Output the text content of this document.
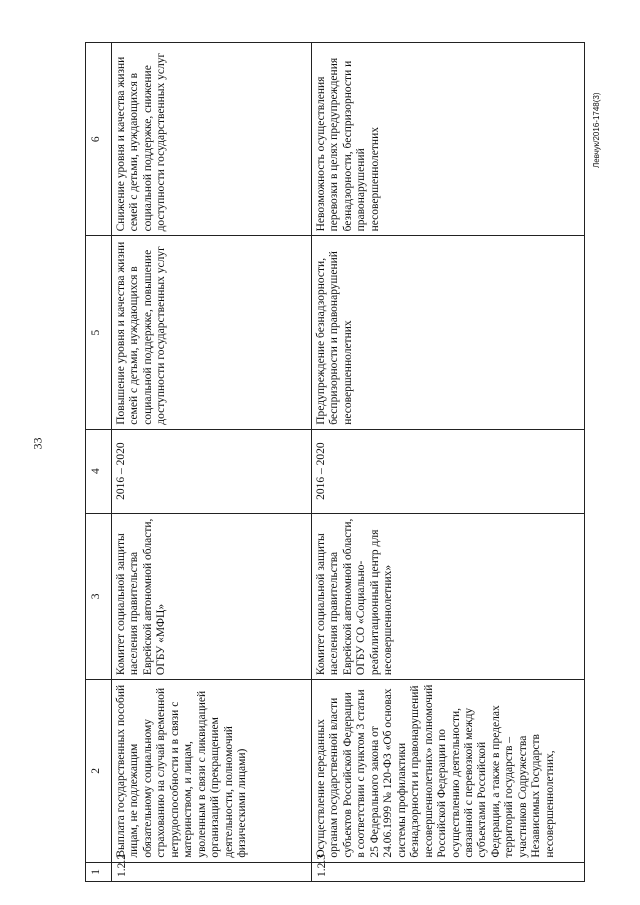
33
Левчук/2016-1748(3)
1	2	3	4	5	6
1.2.2	Выплата государственных пособий лицам, не подлежащим обязательному социальному страхованию на случай временной нетрудоспособности и в связи с материнством, и лицам, уволенным в связи с ликвидацией организаций (прекращением деятельности, полномочий физическими лицами)	Комитет социальной защиты населения правительства Еврейской автономной области, ОГБУ «МФЦ»	2016 – 2020	Повышение уровня и качества жизни семей с детьми, нуждающихся в социальной поддержке, повышение доступности государственных услуг	Снижение уровня и качества жизни семей с детьми, нуждающихся в социальной поддержке, снижение доступности государственных услуг
1.2.3	Осуществление переданных органам государственной власти субъектов Российской Федерации в соответствии с пунктом 3 статьи 25 Федерального закона от 24.06.1999 № 120-ФЗ «Об основах системы профилактики безнадзорности и правонарушений несовершеннолетних» полномочий Российской Федерации по осуществлению деятельности, связанной с перевозкой между субъектами Российской Федерации, а также в пределах территорий государств – участников Содружества Независимых Государств несовершеннолетних,	Комитет социальной защиты населения правительства Еврейской автономной области, ОГБУ СО «Социально-реабилитационный центр для несовершеннолетних»	2016 – 2020	Предупреждение безнадзорности, беспризорности и правонарушений несовершеннолетних	Невозможность осуществления перевозки в целях предупреждения безнадзорности, беспризорности и правонарушений несовершеннолетних
